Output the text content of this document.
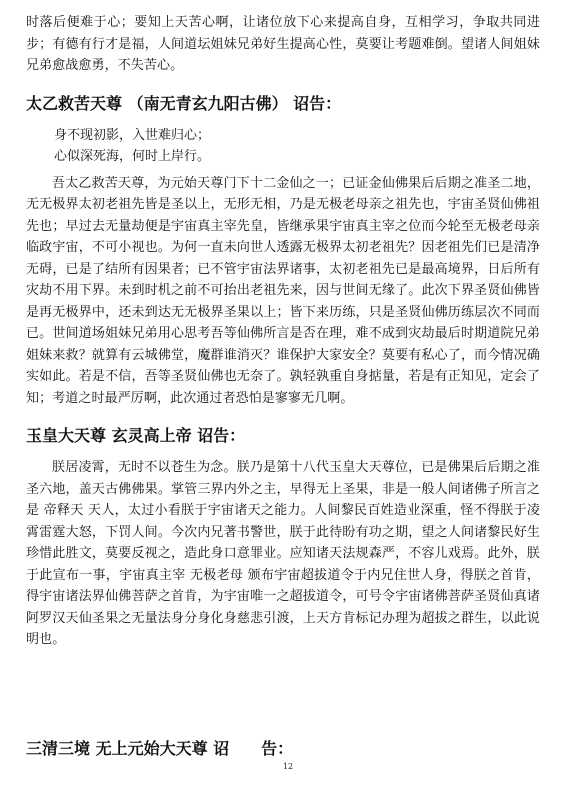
时落后便难于心；要知上天苦心啊，让诸位放下心来提高自身，互相学习，争取共同进步；有德有行才是福，人间道坛姐妹兄弟好生提高心性，莫要让考题难倒。望诸人间姐妹兄弟愈战愈勇，不失苦心。

太乙救苦天尊 （南无青玄九阳古佛） 诏告：
身不现初影，入世难归心；
心似深死海，何时上岸行。

吾太乙救苦天尊，为元始天尊门下十二金仙之一；已证金仙佛果后后期之准圣二地，无无极界太初老祖先皆是圣以上，无形无相，乃是无极老母亲之祖先也，宇宙圣贤仙佛祖先也；早过去无量劫便是宇宙真主宰先皇，皆继承果宇宙真主宰之位而今轮至无极老母亲临政宇宙，不可小视也。为何一直未向世人透露无极界太初老祖先？因老祖先们已是清净无碍，已是了结所有因果者；已不管宇宙法界诸事，太初老祖先已是最高境界，日后所有灾劫不用下界。未到时机之前不可抬出老祖先来，因与世间无缘了。此次下界圣贤仙佛皆是再无极界中，还未到达无无极界圣果以上；皆下来历练，只是圣贤仙佛历练层次不同而已。世间道场姐妹兄弟用心思考吾等仙佛所言是否在理，难不成到灾劫最后时期道院兄弟姐妹来救？就算有云城佛堂，魔群谁消灭？谁保护大家安全？莫要有私心了，而今情况确实如此。若是不信，吾等圣贤仙佛也无奈了。孰轻孰重自身掂量，若是有正知见，定会了知；考道之时最严厉啊，此次通过者恐怕是寥寥无几啊。

玉皇大天尊 玄灵高上帝 诏告：

朕居凌霄，无时不以苍生为念。朕乃是第十八代玉皇大天尊位，已是佛果后后期之准圣六地，盖天古佛佛果。掌管三界内外之主，早得无上圣果，非是一般人间诸佛子所言之是 帝释天 天人，太过小看朕于宇宙诸天之能力。人间黎民百姓造业深重，怪不得朕于凌霄雷霆大怒，下罚人间。今次内兄著书警世，朕于此待盼有功之期，望之人间诸黎民好生珍惜此胜文，莫要反视之，造此身口意罪业。应知诸天法规森严，不容儿戏焉。此外，朕于此宣布一事，宇宙真主宰 无极老母 颁布宇宙超拔道令于内兄住世人身，得朕之首肯，得宇宙诸法界仙佛菩萨之首肯，为宇宙唯一之超拔道令，可号令宇宙诸佛菩萨圣贤仙真诸阿罗汉天仙圣果之无量法身分身化身慈悲引渡，上天方肯标记办理为超拔之群生，以此说明也。

三清三境 无上元始大天尊 诏　　告：
12
